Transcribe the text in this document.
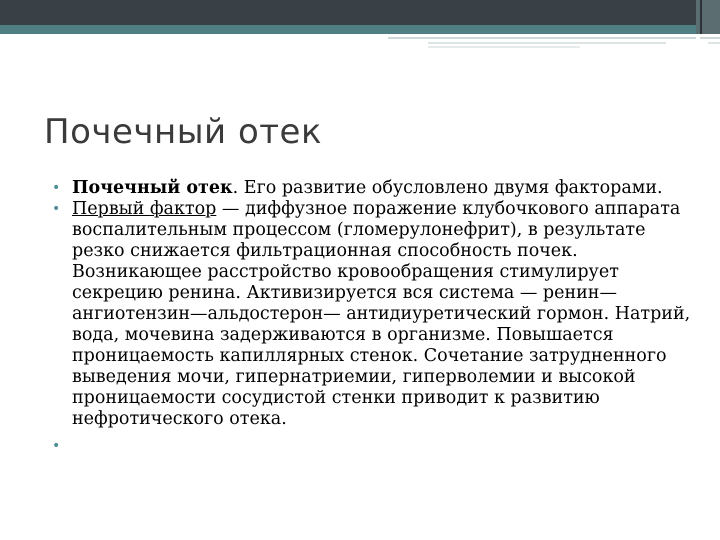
Почечный отек
• Почечный отек. Его развитие обусловлено двумя факторами.
• Первый фактор — диффузное поражение клубочкового аппарата воспалительным процессом (гломерулонефрит), в результате резко снижается фильтрационная способность почек. Возникающее расстройство кровообращения стимулирует секрецию ренина. Активизируется вся система — ренин—ангиотензин—альдостерон— антидиуретический гормон. Натрий, вода, мочевина задерживаются в организме. Повышается проницаемость капиллярных стенок. Сочетание затрудненного выведения мочи, гипернатриемии, гиперволемии и высокой проницаемости сосудистой стенки приводит к развитию нефротического отека.
•
